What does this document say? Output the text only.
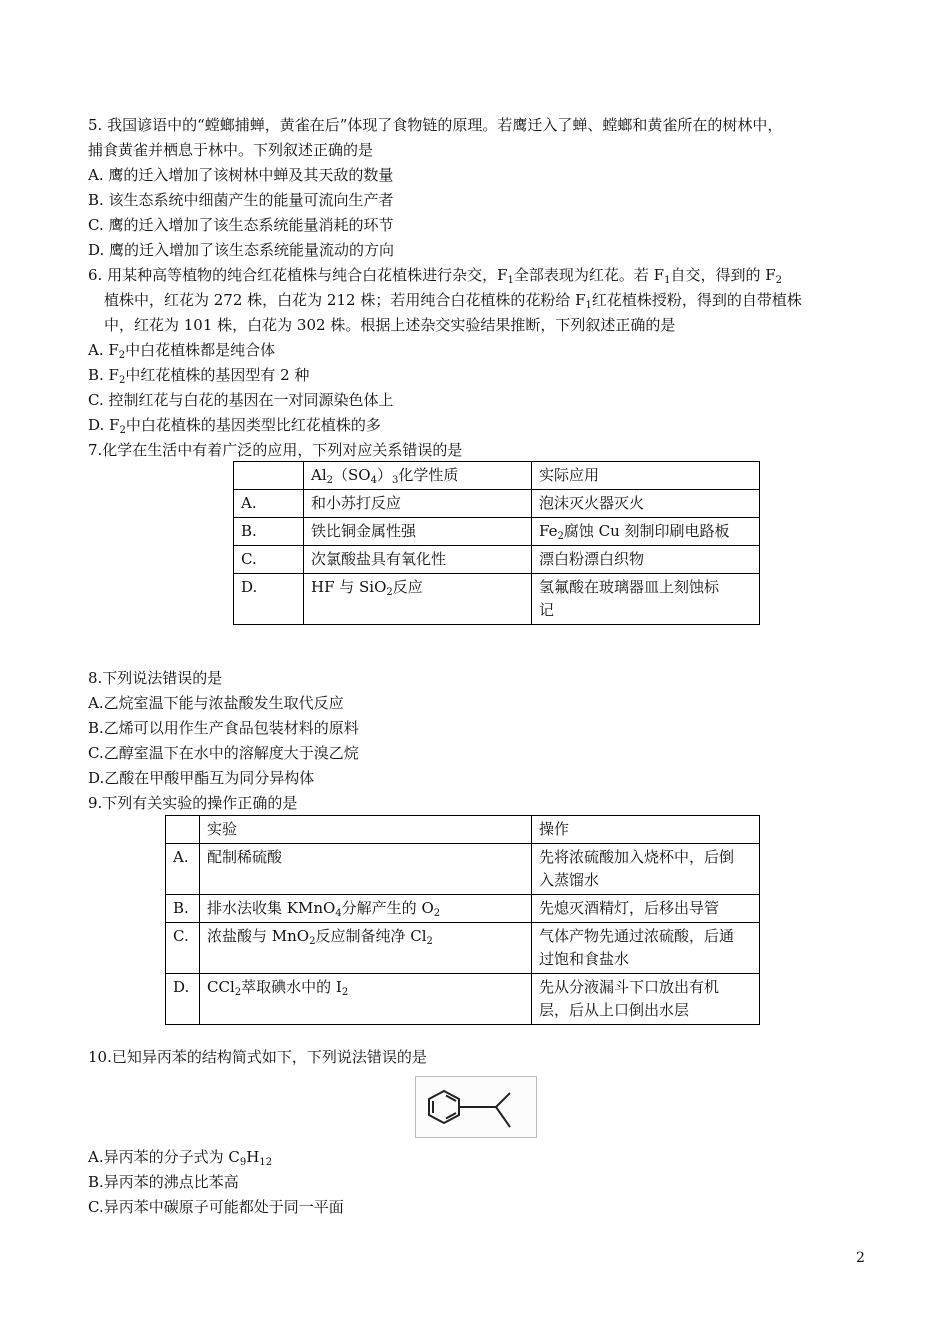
5. 我国谚语中的“螳螂捕蝉，黄雀在后”体现了食物链的原理。若鹰迁入了蝉、螳螂和黄雀所在的树林中，
捕食黄雀并栖息于林中。下列叙述正确的是
A. 鹰的迁入增加了该树林中蝉及其天敌的数量
B. 该生态系统中细菌产生的能量可流向生产者
C. 鹰的迁入增加了该生态系统能量消耗的环节
D. 鹰的迁入增加了该生态系统能量流动的方向
6. 用某种高等植物的纯合红花植株与纯合白花植株进行杂交，$F_1$全部表现为红花。若 $F_1$自交，得到的 $F_2$
植株中，红花为 272 株，白花为 212 株；若用纯合白花植株的花粉给 $F_1$红花植株授粉，得到的自带植株
中，红花为 101 株，白花为 302 株。根据上述杂交实验结果推断，下列叙述正确的是
A. $F_2$中白花植株都是纯合体
B. $F_2$中红花植株的基因型有 2 种
C. 控制红花与白花的基因在一对同源染色体上
D. $F_2$中白花植株的基因类型比红花植株的多
7.化学在生活中有着广泛的应用，下列对应关系错误的是
	$Al_2(SO_4)_3$化学性质	实际应用
A.	和小苏打反应	泡沫灭火器灭火
B.	铁比铜金属性强	$Fe_2$腐蚀 Cu 刻制印刷电路板
C.	次氯酸盐具有氧化性	漂白粉漂白织物
D.	HF 与 SiO$_2$反应	氢氟酸在玻璃器皿上刻蚀标
记
8.下列说法错误的是
A.乙烷室温下能与浓盐酸发生取代反应
B.乙烯可以用作生产食品包装材料的原料
C.乙醇室温下在水中的溶解度大于溴乙烷
D.乙酸在甲酸甲酯互为同分异构体
9.下列有关实验的操作正确的是
	实验	操作
A.	配制稀硫酸	先将浓硫酸加入烧杯中，后倒
入蒸馏水

B.	排水法收集 KMnO$_4$分解产生的 $O_2$	先熄灭酒精灯，后移出导管
C.	浓盐酸与 MnO$_2$反应制备纯净 $Cl_2$	气体产物先通过浓硫酸，后通
过饱和食盐水

D.	CCl$_2$萃取碘水中的 $I_2$	先从分液漏斗下口放出有机
层，后从上口倒出水层
10.已知异丙苯的结构简式如下，下列说法错误的是
A.异丙苯的分子式为 $C_9H_{12}$
B.异丙苯的沸点比苯高
C.异丙苯中碳原子可能都处于同一平面
2
